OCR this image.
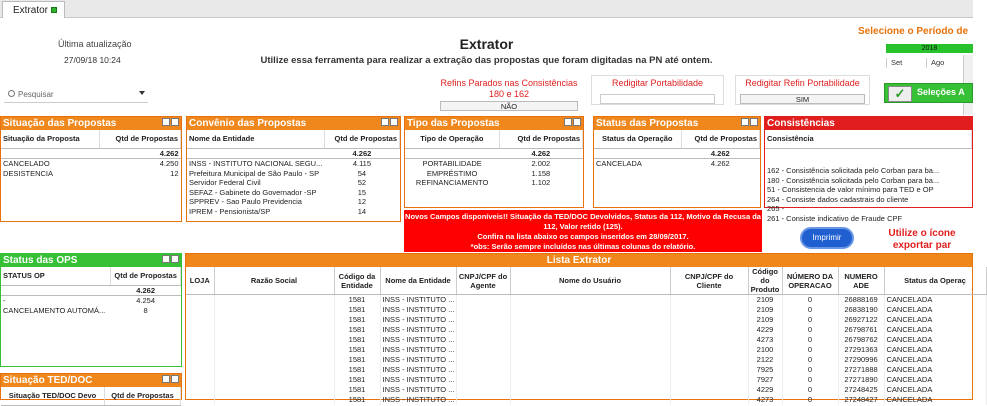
Extrator
Última atualização
27/09/18 10:24
Extrator
Utilize essa ferramenta para realizar a extração das propostas que foram digitadas na PN até ontem.
Selecione o Período de
2018
Set	Ago
Pesquisar
Refins Parados nas Consistências 180 e 162
NÃO
Redigitar Portabilidade	Redigitar Refin Portabilidade
SIM	✓	Seleções A
Situação das Propostas
Situação da Proposta	Qtd de Propostas
	4.262
CANCELADO	4.250
DESISTENCIA	12
Convênio das Propostas
Nome da Entidade	Qtd de Propostas
	4.262
INSS - INSTITUTO NACIONAL SEGU...	4.115
Prefeitura Municipal de São Paulo - SP	54
Servidor Federal Civil	52
SEFAZ - Gabinete do Governador -SP	15
SPPREV - Sao Paulo Previdencia	12
IPREM - Pensionista/SP	14
Tipo das Propostas
Tipo de Operação	Qtd de Propostas
	4.262
PORTABILIDADE	2.002
EMPRÉSTIMO	1.158
REFINANCIAMENTO	1.102
Status das Propostas
Status da Operação	Qtd de Propostas
	4.262
CANCELADA	4.262
Consistências
Consistência

162 - Consistência solicitada pelo Corban para ba...
180 - Consistência solicitada pelo Corban para ba...
51 - Consistencia de valor mínimo para TED e OP
264 - Consiste dados cadastrais do cliente
265 -
261 - Consiste indicativo de Fraude CPF
Novos Campos disponíveis!! Situação da TED/DOC Devolvidos, Status da 112, Motivo da Recusa da 112, Valor retido (125).
Confira na lista abaixo os campos inseridos em 28/09/2017.
*obs: Serão sempre incluídos nas últimas colunas do relatório.
Imprimir	Utilize o ícone exportar par
Status das OPS
STATUS OP	Qtd de Propostas
	4.262
-	4.254
CANCELAMENTO AUTOMÁ...	8
Situação TED/DOC
Situação TED/DOC Devo	Qtd de Propostas
Lista Extrator
LOJA	Razão Social	Código da Entidade	Nome da Entidade	CNPJ/CPF do Agente	Nome do Usuário	CNPJ/CPF do Cliente	Código do Produto	NÚMERO DA OPERACAO	NUMERO ADE	Status da Operaç
		1581	INSS - INSTITUTO ...				2109	0	26888169	CANCELADA
		1581	INSS - INSTITUTO ...				2109	0	26838190	CANCELADA
		1581	INSS - INSTITUTO ...				2109	0	26927122	CANCELADA
		1581	INSS - INSTITUTO ...				4229	0	26798761	CANCELADA
		1581	INSS - INSTITUTO ...				4273	0	26798762	CANCELADA
		1581	INSS - INSTITUTO ...				2100	0	27291363	CANCELADA
		1581	INSS - INSTITUTO ...				2122	0	27290996	CANCELADA
		1581	INSS - INSTITUTO ...				7925	0	27271888	CANCELADA
		1581	INSS - INSTITUTO ...				7927	0	27271890	CANCELADA
		1581	INSS - INSTITUTO ...				4229	0	27248425	CANCELADA
		1581	INSS - INSTITUTO ...				4273	0	27248427	CANCELADA
